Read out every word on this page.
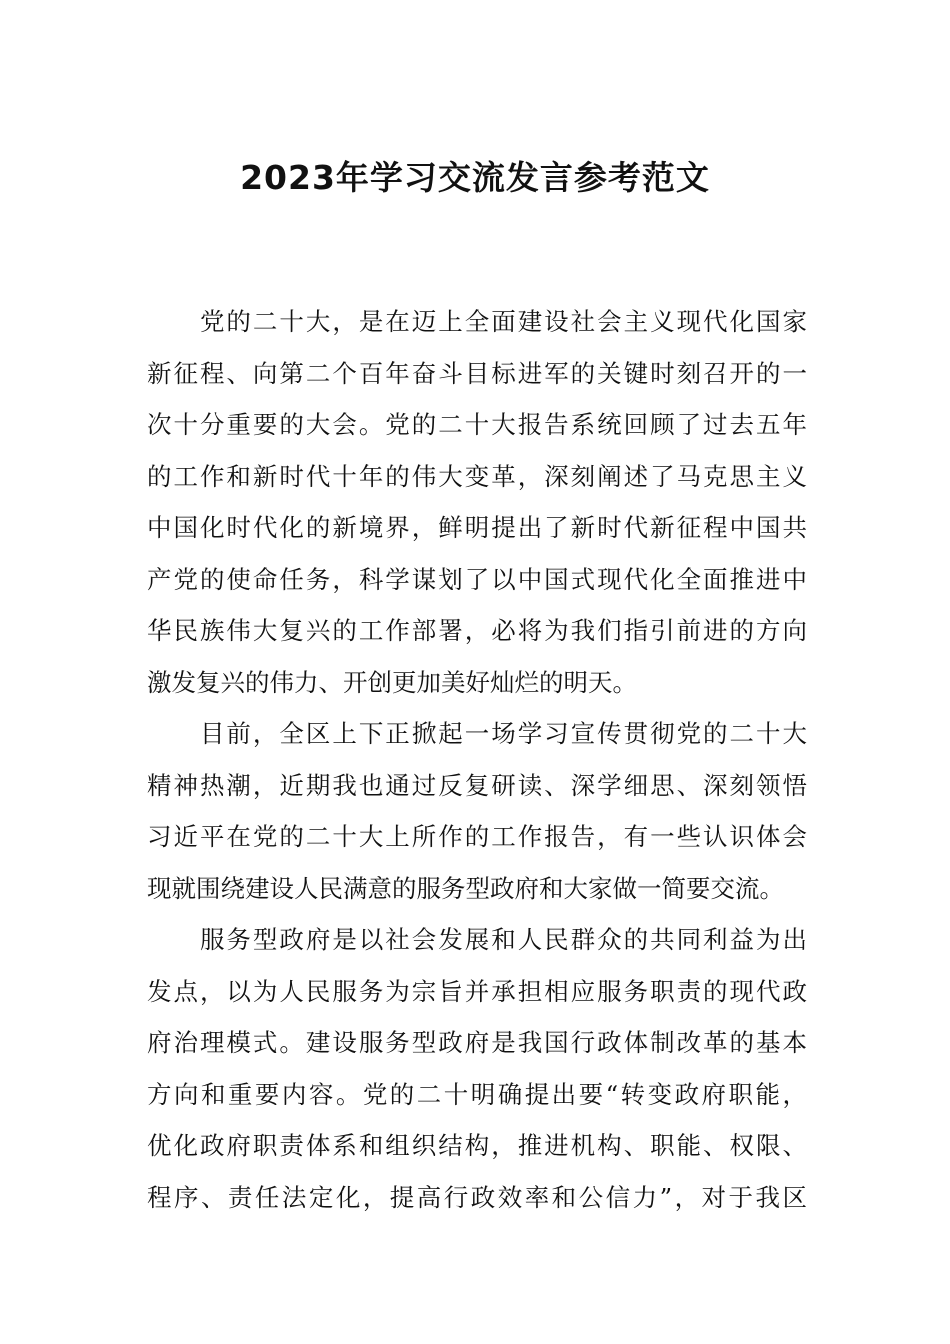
2023年学习交流发言参考范文

　　党的二十大，是在迈上全面建设社会主义现代化国家
新征程、向第二个百年奋斗目标进军的关键时刻召开的一
次十分重要的大会。党的二十大报告系统回顾了过去五年
的工作和新时代十年的伟大变革，深刻阐述了马克思主义
中国化时代化的新境界，鲜明提出了新时代新征程中国共
产党的使命任务，科学谋划了以中国式现代化全面推进中
华民族伟大复兴的工作部署，必将为我们指引前进的方向
激发复兴的伟力、开创更加美好灿烂的明天。

　　目前，全区上下正掀起一场学习宣传贯彻党的二十大
精神热潮，近期我也通过反复研读、深学细思、深刻领悟
习近平在党的二十大上所作的工作报告，有一些认识体会
现就围绕建设人民满意的服务型政府和大家做一简要交流。

　　服务型政府是以社会发展和人民群众的共同利益为出
发点，以为人民服务为宗旨并承担相应服务职责的现代政
府治理模式。建设服务型政府是我国行政体制改革的基本
方向和重要内容。党的二十明确提出要“转变政府职能，
优化政府职责体系和组织结构，推进机构、职能、权限、
程序、责任法定化，提高行政效率和公信力”，对于我区
